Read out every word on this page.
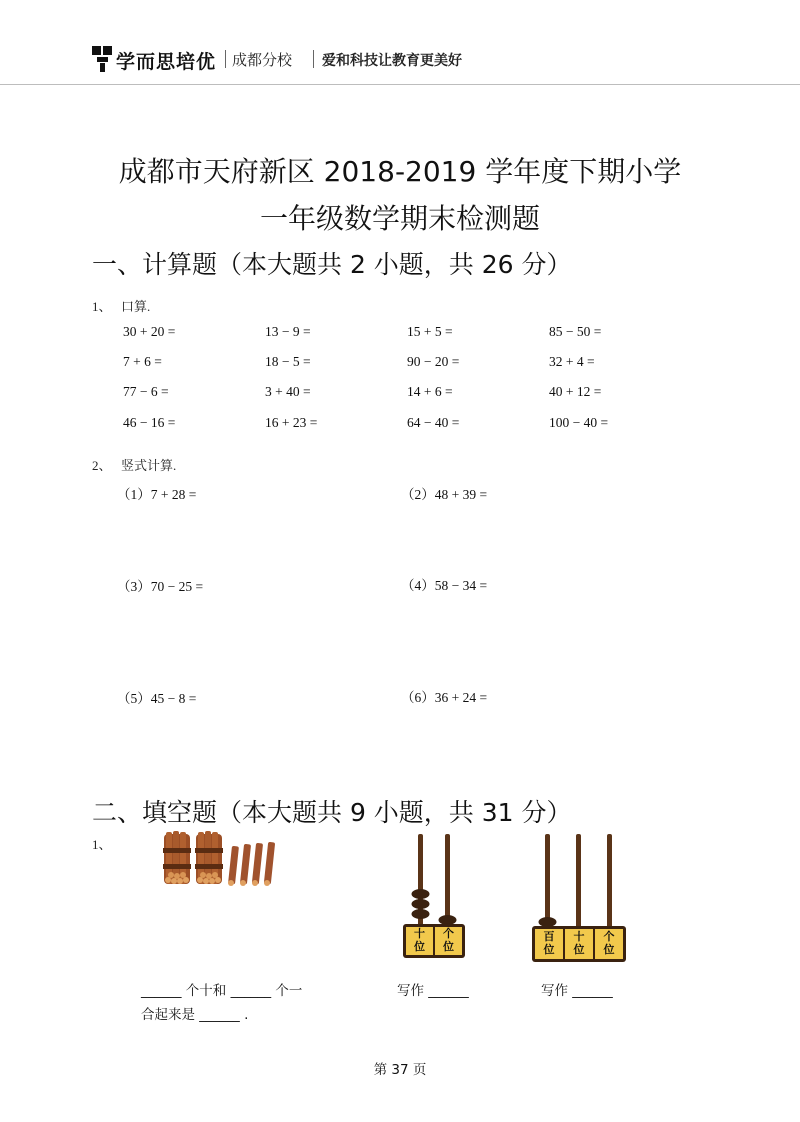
学而思培优 成都分校 爱和科技让教育更美好
成都市天府新区 2018-2019 学年度下期小学
一年级数学期末检测题
一、计算题（本大题共 2 小题，共 26 分）
1、 口算.
30 + 20 =	13 − 9 =	15 + 5 =	85 − 50 =
7 + 6 =	18 − 5 =	90 − 20 =	32 + 4 =
77 − 6 =	3 + 40 =	14 + 6 =	40 + 12 =
46 − 16 =	16 + 23 =	64 − 40 =	100 − 40 =
2、 竖式计算.
（1）7 + 28 =	（2）48 + 39 =
（3）70 − 25 =	（4）58 − 34 =
（5）45 − 8 =	（6）36 + 24 =
二、填空题（本大题共 9 小题，共 31 分）
1、
十
位
个
位
百
位
十
位
个
位
______ 个十和 ______ 个一
合起来是 ______ .
写作 ______	写作 ______
第 37 页
